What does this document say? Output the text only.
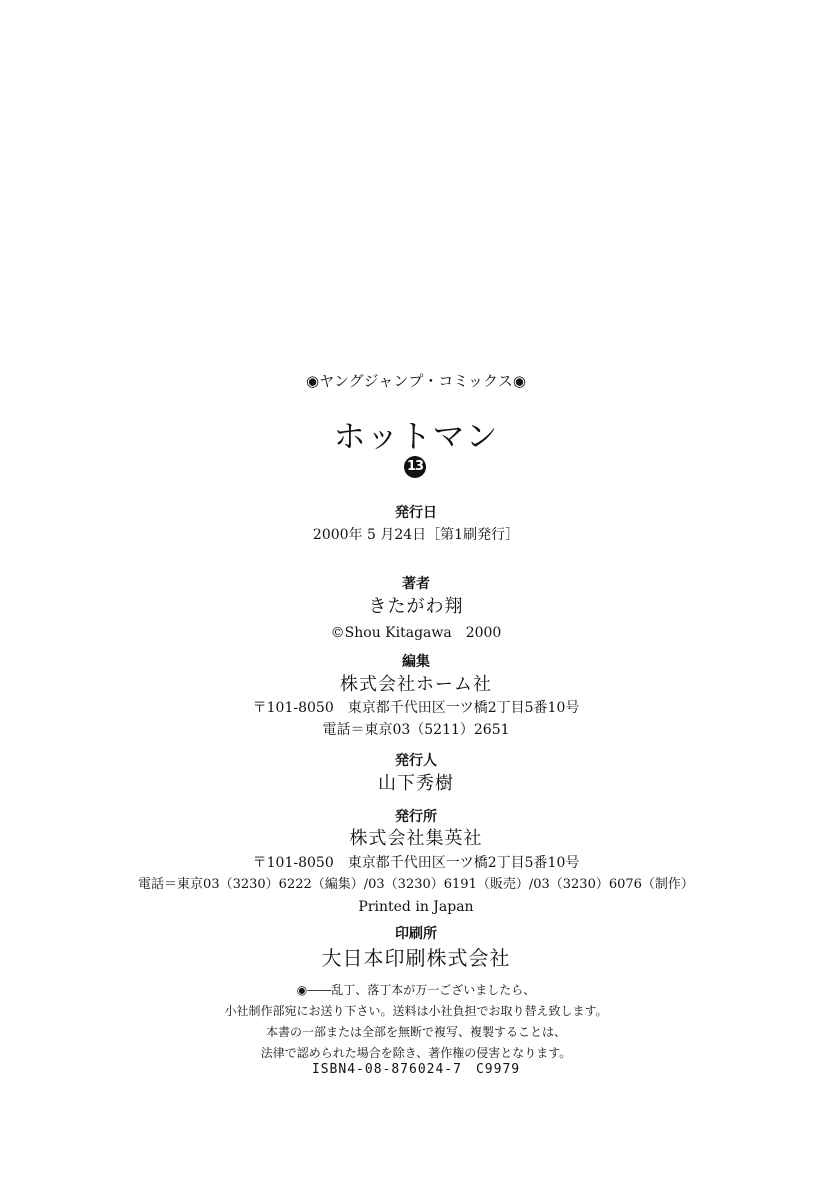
◉ヤングジャンプ・コミックス◉
ホットマン
13
発行日
2000年 5 月24日［第1刷発行］
著者
きたがわ翔
©Shou Kitagawa　2000
編集
株式会社ホーム社
〒101-8050　東京都千代田区一ツ橋2丁目5番10号
電話＝東京03（5211）2651
発行人
山下秀樹
発行所
株式会社集英社
〒101-8050　東京都千代田区一ツ橋2丁目5番10号
電話＝東京03（3230）6222（編集）/03（3230）6191（販売）/03（3230）6076（制作）
Printed in Japan
印刷所
大日本印刷株式会社
◉――乱丁、落丁本が万一ございましたら、
小社制作部宛にお送り下さい。送料は小社負担でお取り替え致します。
本書の一部または全部を無断で複写、複製することは、
法律で認められた場合を除き、著作権の侵害となります。
ISBN4-08-876024-7　C9979
